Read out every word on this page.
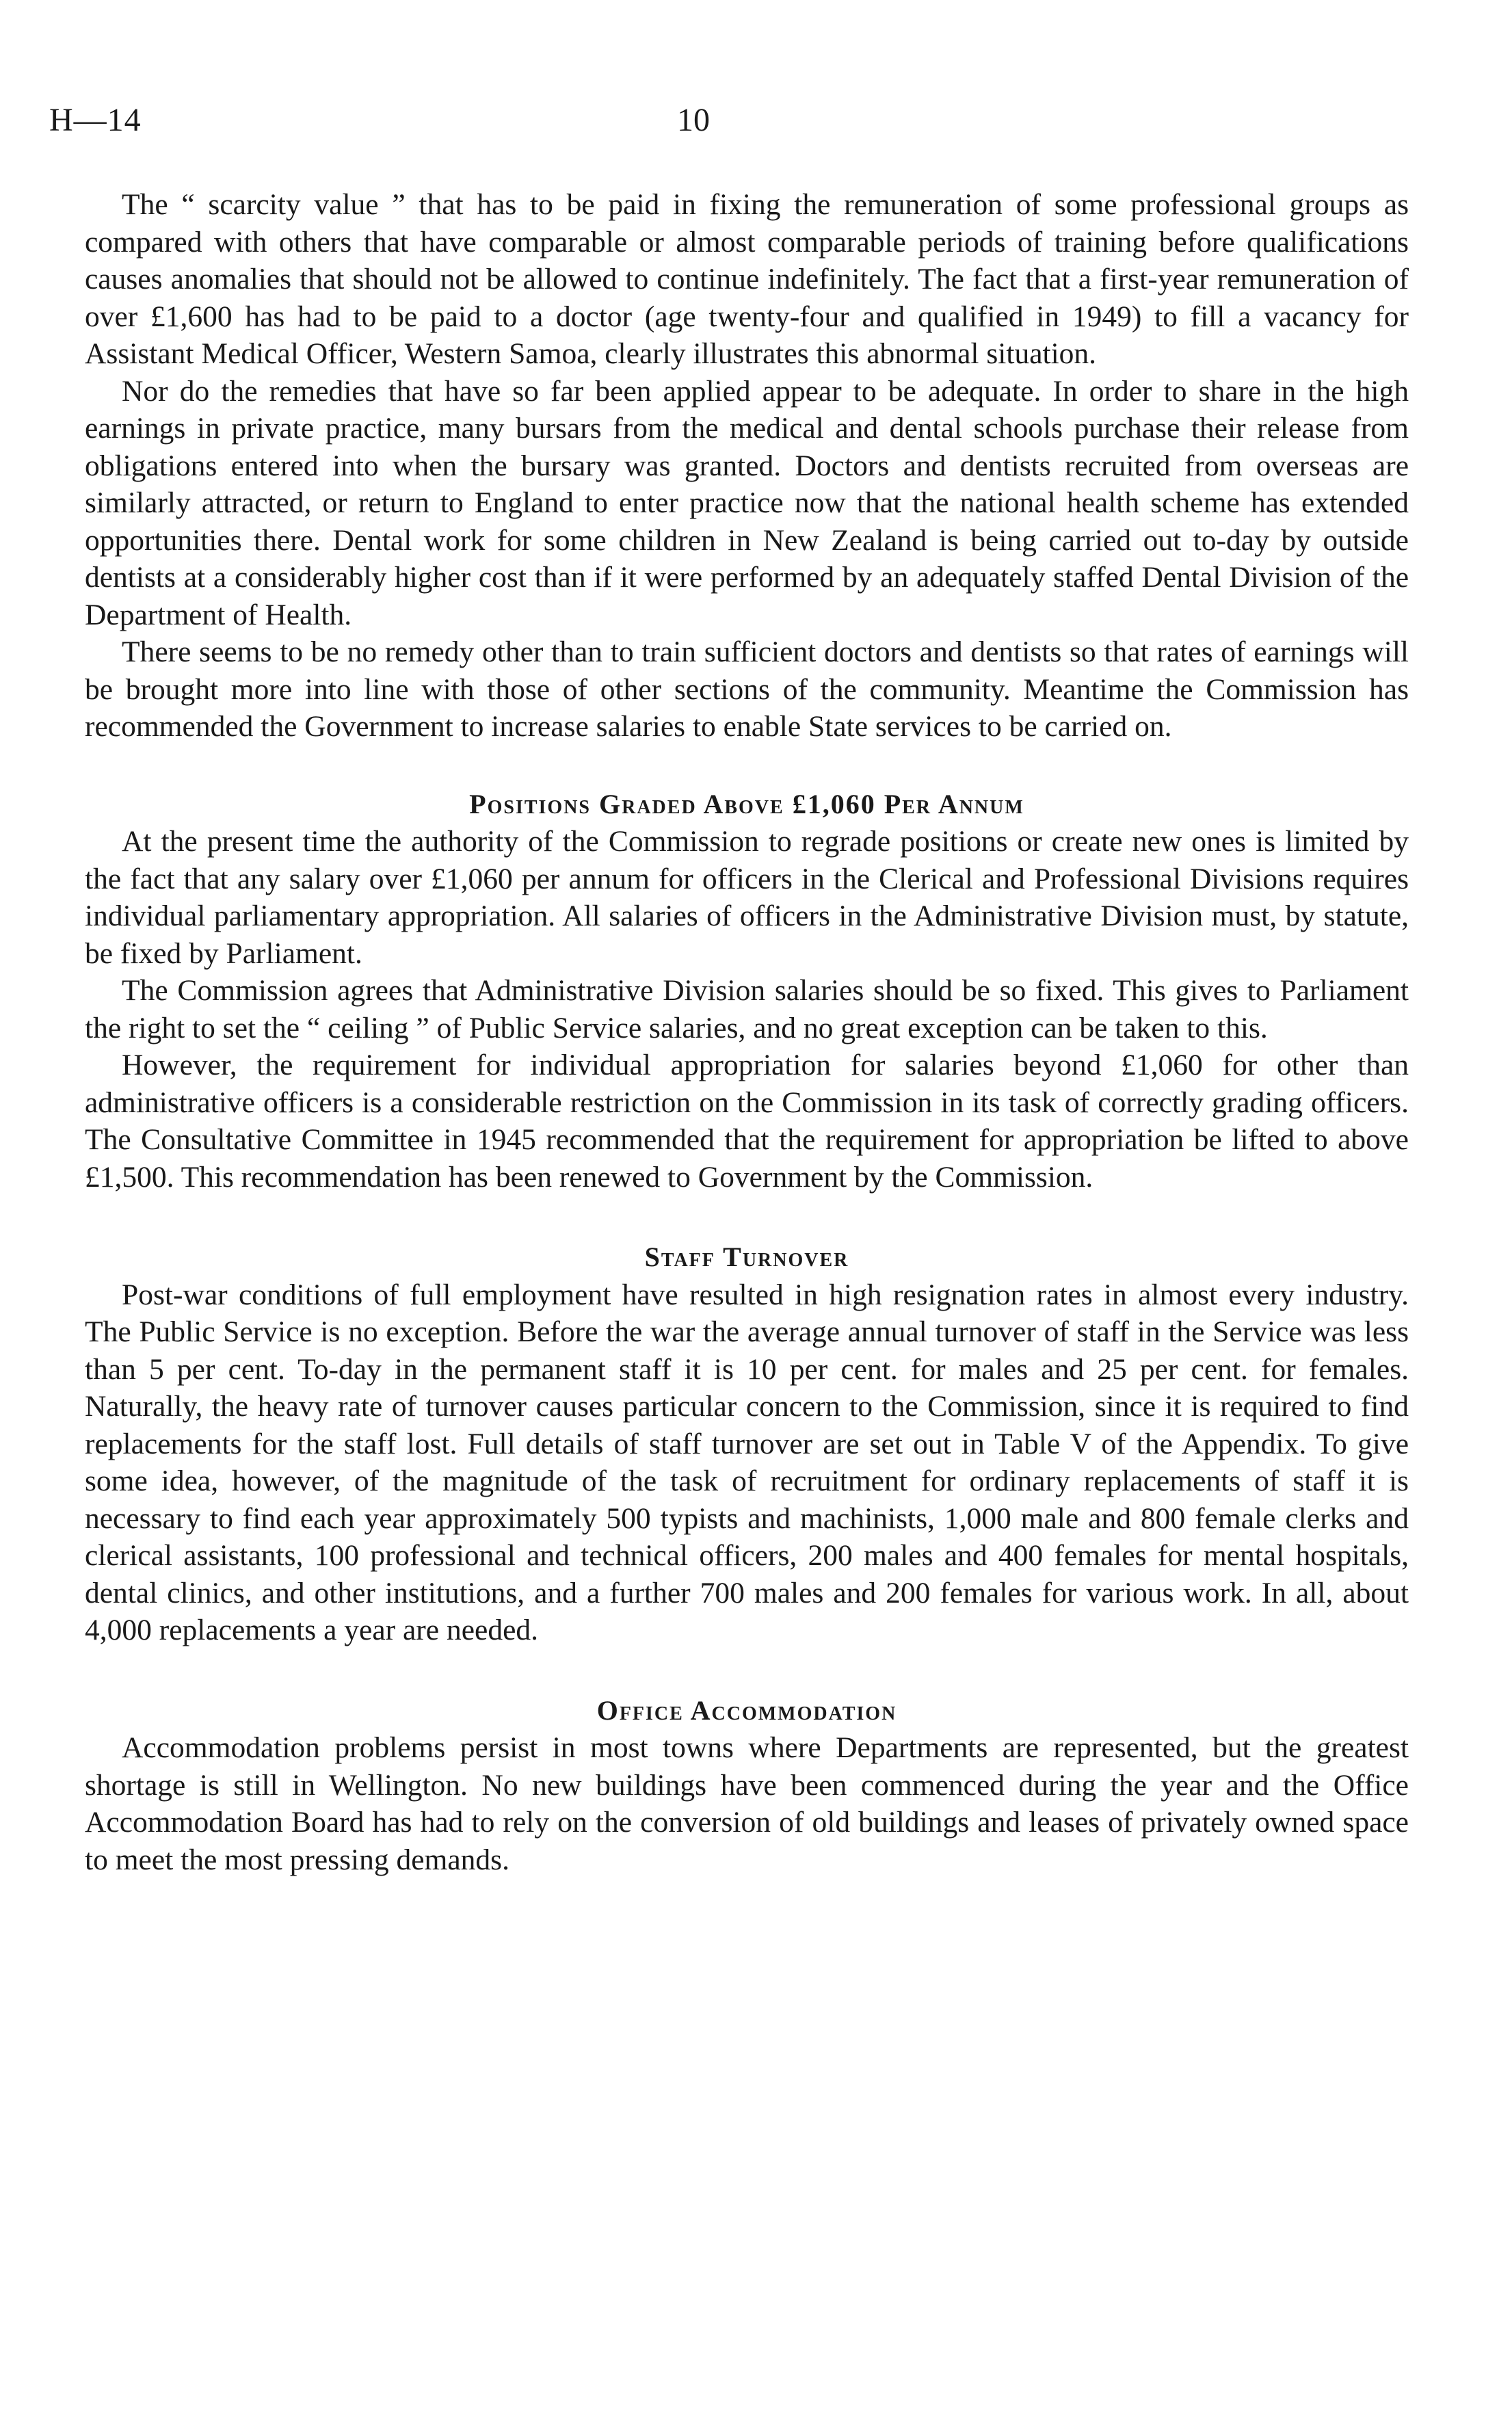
H—14	10

The “ scarcity value ” that has to be paid in fixing the remuneration of some professional groups as compared with others that have comparable or almost comparable periods of training before qualifications causes anomalies that should not be allowed to continue indefinitely. The fact that a first-year remuneration of over £1,600 has had to be paid to a doctor (age twenty-four and qualified in 1949) to fill a vacancy for Assistant Medical Officer, Western Samoa, clearly illustrates this abnormal situation.

Nor do the remedies that have so far been applied appear to be adequate. In order to share in the high earnings in private practice, many bursars from the medical and dental schools purchase their release from obligations entered into when the bursary was granted. Doctors and dentists recruited from overseas are similarly attracted, or return to England to enter practice now that the national health scheme has extended opportunities there. Dental work for some children in New Zealand is being carried out to-day by outside dentists at a considerably higher cost than if it were performed by an adequately staffed Dental Division of the Department of Health.

There seems to be no remedy other than to train sufficient doctors and dentists so that rates of earnings will be brought more into line with those of other sections of the community. Meantime the Commission has recommended the Government to increase salaries to enable State services to be carried on.

Positions Graded Above £1,060 Per Annum

At the present time the authority of the Commission to regrade positions or create new ones is limited by the fact that any salary over £1,060 per annum for officers in the Clerical and Professional Divisions requires individual parliamentary appropriation. All salaries of officers in the Administrative Division must, by statute, be fixed by Parliament.

The Commission agrees that Administrative Division salaries should be so fixed. This gives to Parliament the right to set the “ ceiling ” of Public Service salaries, and no great exception can be taken to this.

However, the requirement for individual appropriation for salaries beyond £1,060 for other than administrative officers is a considerable restriction on the Commission in its task of correctly grading officers. The Consultative Committee in 1945 recommended that the requirement for appropriation be lifted to above £1,500. This recommendation has been renewed to Government by the Commission.

Staff Turnover

Post-war conditions of full employment have resulted in high resignation rates in almost every industry. The Public Service is no exception. Before the war the average annual turnover of staff in the Service was less than 5 per cent. To-day in the permanent staff it is 10 per cent. for males and 25 per cent. for females. Naturally, the heavy rate of turnover causes particular concern to the Commission, since it is required to find replacements for the staff lost. Full details of staff turnover are set out in Table V of the Appendix. To give some idea, however, of the magnitude of the task of recruitment for ordinary replacements of staff it is necessary to find each year approximately 500 typists and machinists, 1,000 male and 800 female clerks and clerical assistants, 100 professional and technical officers, 200 males and 400 females for mental hospitals, dental clinics, and other institutions, and a further 700 males and 200 females for various work. In all, about 4,000 replacements a year are needed.

Office Accommodation

Accommodation problems persist in most towns where Departments are represented, but the greatest shortage is still in Wellington. No new buildings have been commenced during the year and the Office Accommodation Board has had to rely on the conversion of old buildings and leases of privately owned space to meet the most pressing demands.
